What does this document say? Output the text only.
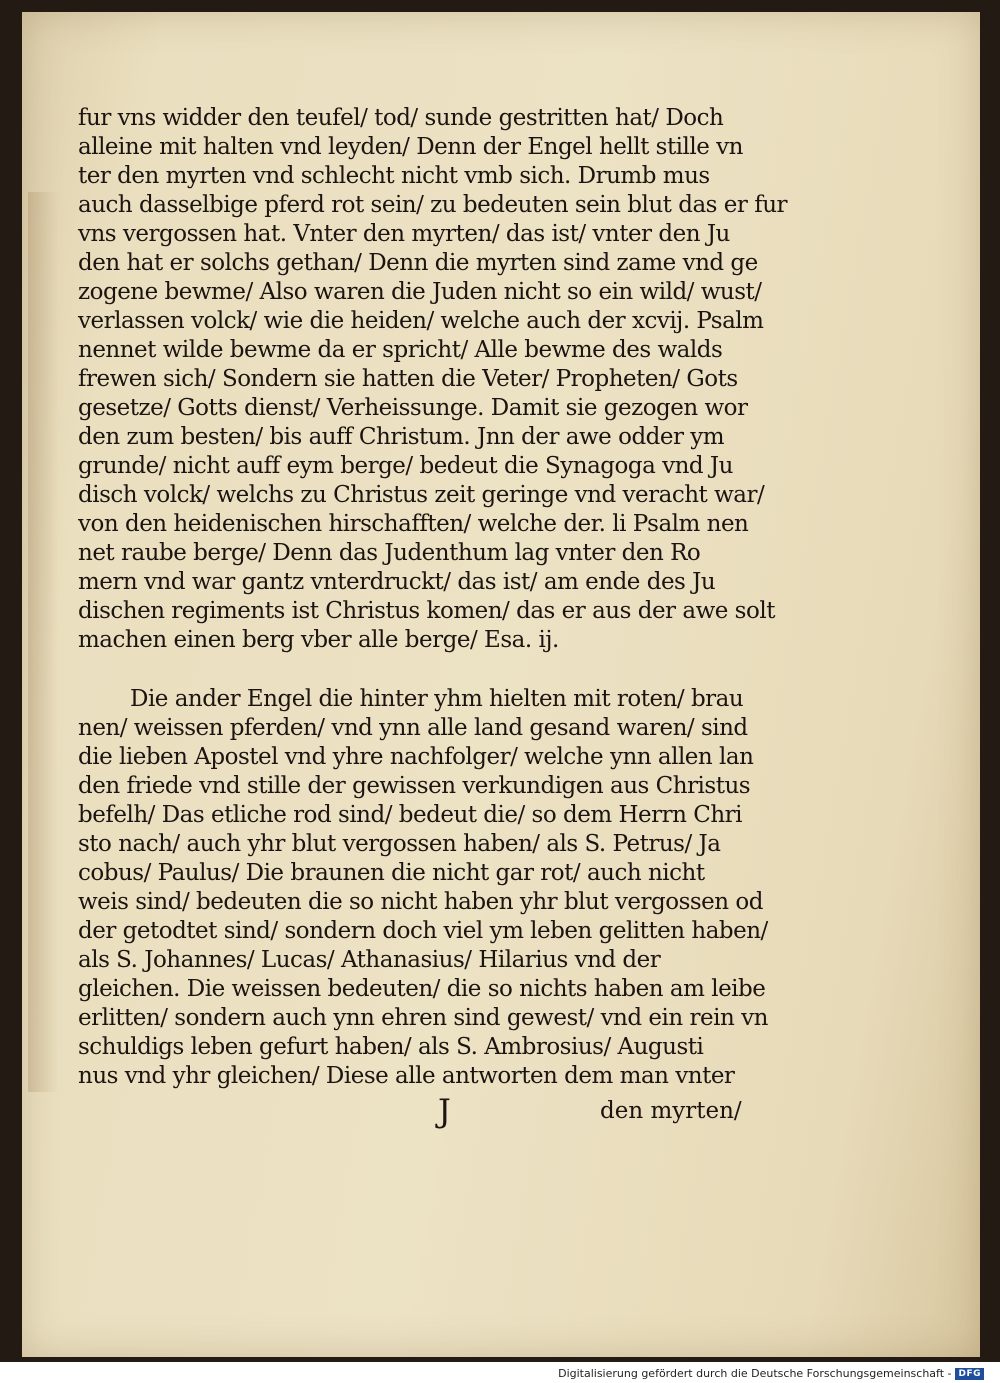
fur vns widder den teufel/ tod/ sunde gestritten hat/ Doch
alleine mit halten vnd leyden/ Denn der Engel hellt stille vn
ter den myrten vnd schlecht nicht vmb sich. Drumb mus
auch dasselbige pferd rot sein/ zu bedeuten sein blut das er fur
vns vergossen hat. Vnter den myrten/ das ist/ vnter den Ju
den hat er solchs gethan/ Denn die myrten sind zame vnd ge
zogene bewme/ Also waren die Juden nicht so ein wild/ wust/
verlassen volck/ wie die heiden/ welche auch der xcvij. Psalm
nennet wilde bewme da er spricht/ Alle bewme des walds
frewen sich/ Sondern sie hatten die Veter/ Propheten/ Gots
gesetze/ Gotts dienst/ Verheissunge. Damit sie gezogen wor
den zum besten/ bis auff Christum. Jnn der awe odder ym
grunde/ nicht auff eym berge/ bedeut die Synagoga vnd Ju
disch volck/ welchs zu Christus zeit geringe vnd veracht war/
von den heidenischen hirschafften/ welche der. li Psalm nen
net raube berge/ Denn das Judenthum lag vnter den Ro
mern vnd war gantz vnterdruckt/ das ist/ am ende des Ju
dischen regiments ist Christus komen/ das er aus der awe solt
machen einen berg vber alle berge/ Esa. ij.
Die ander Engel die hinter yhm hielten mit roten/ brau
nen/ weissen pferden/ vnd ynn alle land gesand waren/ sind
die lieben Apostel vnd yhre nachfolger/ welche ynn allen lan
den friede vnd stille der gewissen verkundigen aus Christus
befelh/ Das etliche rod sind/ bedeut die/ so dem Herrn Chri
sto nach/ auch yhr blut vergossen haben/ als S. Petrus/ Ja
cobus/ Paulus/ Die braunen die nicht gar rot/ auch nicht
weis sind/ bedeuten die so nicht haben yhr blut vergossen od
der getodtet sind/ sondern doch viel ym leben gelitten haben/
als S. Johannes/ Lucas/ Athanasius/ Hilarius vnd der
gleichen. Die weissen bedeuten/ die so nichts haben am leibe
erlitten/ sondern auch ynn ehren sind gewest/ vnd ein rein vn
schuldigs leben gefurt haben/ als S. Ambrosius/ Augusti
nus vnd yhr gleichen/ Diese alle antworten dem man vnter
J	den myrten/
Digitalisierung gefördert durch die Deutsche Forschungsgemeinschaft - DFG
